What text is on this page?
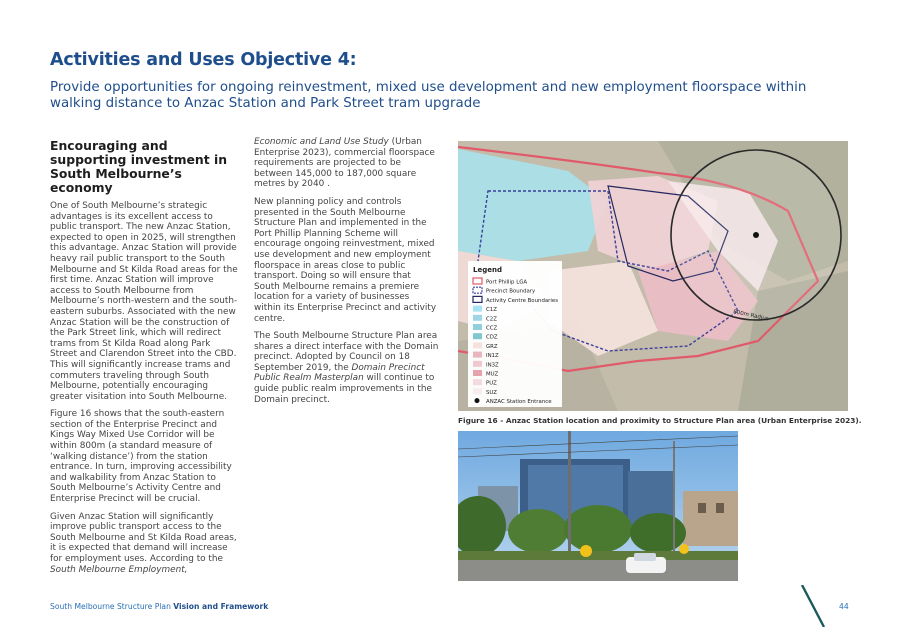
Activities and Uses Objective 4:
Provide opportunities for ongoing reinvestment, mixed use development and new employment floorspace within walking distance to Anzac Station and Park Street tram upgrade
Encouraging and supporting investment in South Melbourne’s economy

One of South Melbourne’s strategic advantages is its excellent access to public transport. The new Anzac Station, expected to open in 2025, will strengthen this advantage. Anzac Station will provide heavy rail public transport to the South Melbourne and St Kilda Road areas for the first time. Anzac Station will improve access to South Melbourne from Melbourne’s north-western and the south-eastern suburbs. Associated with the new Anzac Station will be the construction of the Park Street link, which will redirect trams from St Kilda Road along Park Street and Clarendon Street into the CBD. This will significantly increase trams and commuters traveling through South Melbourne, potentially encouraging greater visitation into South Melbourne.

Figure 16 shows that the south-eastern section of the Enterprise Precinct and Kings Way Mixed Use Corridor will be within 800m (a standard measure of ‘walking distance’) from the station entrance. In turn, improving accessibility and walkability from Anzac Station to South Melbourne’s Activity Centre and Enterprise Precinct will be crucial.

Given Anzac Station will significantly improve public transport access to the South Melbourne and St Kilda Road areas, it is expected that demand will increase for employment uses. According to the South Melbourne Employment,

Economic and Land Use Study (Urban Enterprise 2023), commercial floorspace requirements are projected to be between 145,000 to 187,000 square metres by 2040 .

New planning policy and controls presented in the South Melbourne Structure Plan and implemented in the Port Phillip Planning Scheme will encourage ongoing reinvestment, mixed use development and new employment floorspace in areas close to public transport. Doing so will ensure that South Melbourne remains a premiere location for a variety of businesses within its Enterprise Precinct and activity centre.

The South Melbourne Structure Plan area shares a direct interface with the Domain precinct. Adopted by Council on 18 September 2019, the Domain Precinct Public Realm Masterplan will continue to guide public realm improvements in the Domain precinct.

800m Radius
Legend
Port Phillip LGA
Precinct Boundary
Activity Centre Boundaries
C1Z
C2Z
CCZ
CDZ
GRZ
IN1Z
IN3Z
MUZ
PUZ
SUZ
ANZAC Station Entrance
Figure 16 - Anzac Station location and proximity to Structure Plan area (Urban Enterprise 2023).
South Melbourne Structure Plan Vision and Framework	44
